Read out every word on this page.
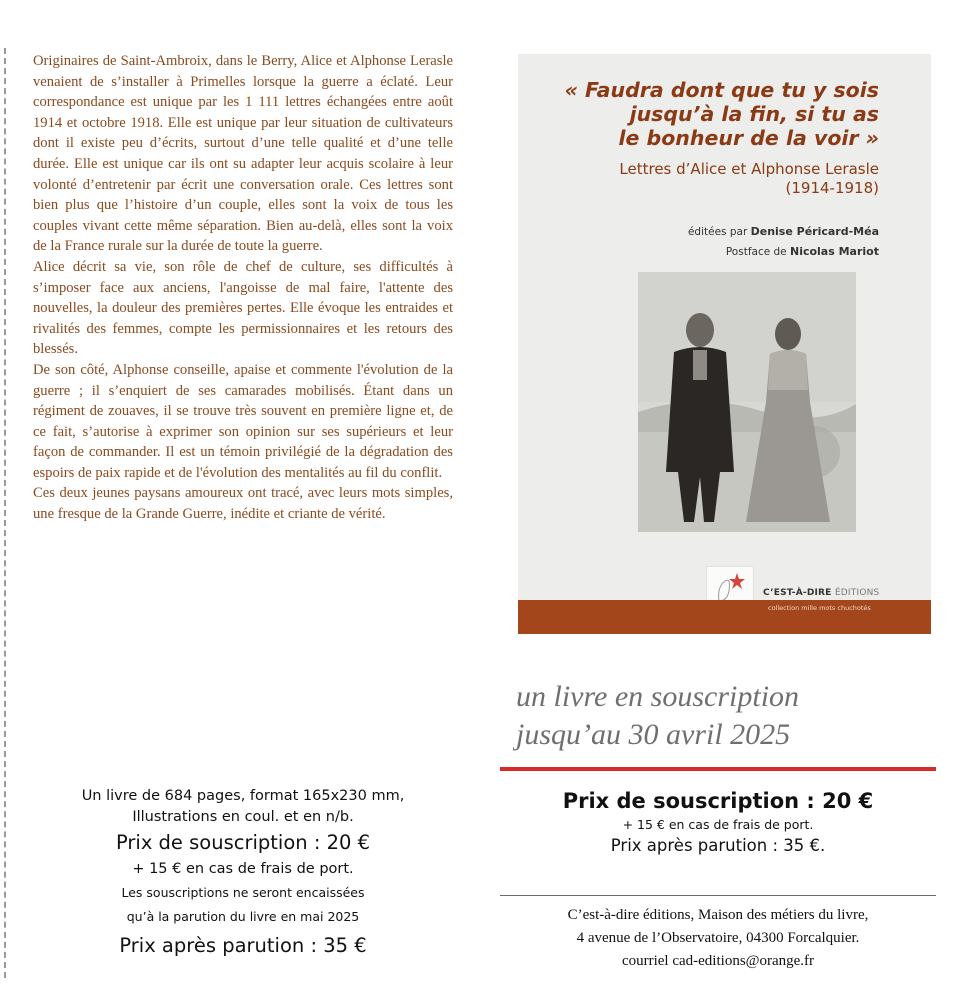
Originaires de Saint-Ambroix, dans le Berry, Alice et Alphonse Lerasle venaient de s’installer à Primelles lorsque la guerre a éclaté. Leur correspondance est unique par les 1 111 lettres échangées entre août 1914 et octobre 1918. Elle est unique par leur situation de cultivateurs dont il existe peu d’écrits, surtout d’une telle qualité et d’une telle durée. Elle est unique car ils ont su adapter leur acquis scolaire à leur volonté d’entretenir par écrit une conversation orale. Ces lettres sont bien plus que l’histoire d’un couple, elles sont la voix de tous les couples vivant cette même séparation. Bien au-delà, elles sont la voix de la France rurale sur la durée de toute la guerre.

Alice décrit sa vie, son rôle de chef de culture, ses difficultés à s’imposer face aux anciens, l'angoisse de mal faire, l'attente des nouvelles, la douleur des premières pertes. Elle évoque les entraides et rivalités des femmes, compte les permissionnaires et les retours des blessés.

De son côté, Alphonse conseille, apaise et commente l'évolution de la guerre ; il s’enquiert de ses camarades mobilisés. Étant dans un régiment de zouaves, il se trouve très souvent en première ligne et, de ce fait, s’autorise à exprimer son opinion sur ses supérieurs et leur façon de commander. Il est un témoin privilégié de la dégradation des espoirs de paix rapide et de l'évolution des mentalités au fil du conflit.

Ces deux jeunes paysans amoureux ont tracé, avec leurs mots simples, une fresque de la Grande Guerre, inédite et criante de vérité.

« Faudra dont que tu y sois
jusqu’à la fin, si tu as
le bonheur de la voir »
Lettres d’Alice et Alphonse Lerasle
(1914-1918)
éditées par Denise Péricard-Méa
Postface de Nicolas Mariot
C’EST-À-DIRE ÉDITIONS
collection mille mots chuchotés
un livre en souscription
jusqu’au 30 avril 2025
Prix de souscription : 20 €
+ 15 € en cas de frais de port.
Prix après parution : 35 €.
C’est-à-dire éditions, Maison des métiers du livre,
4 avenue de l’Observatoire, 04300 Forcalquier.
courriel cad-editions@orange.fr
Un livre de 684 pages, format 165x230 mm,
Illustrations en coul. et en n/b.
Prix de souscription : 20 €
+ 15 € en cas de frais de port.
Les souscriptions ne seront encaissées
qu’à la parution du livre en mai 2025
Prix après parution : 35 €
